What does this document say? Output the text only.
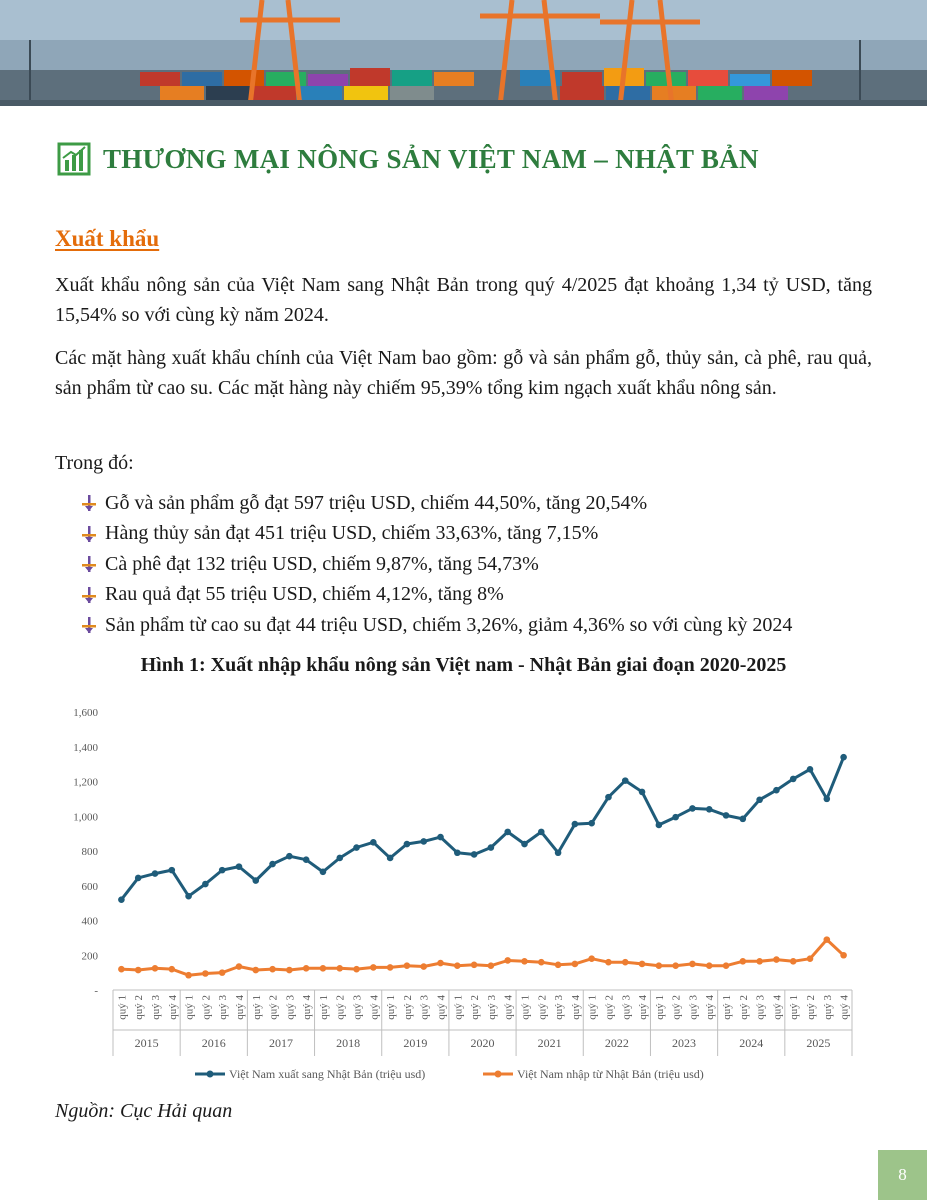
THƯƠNG MẠI NÔNG SẢN VIỆT NAM – NHẬT BẢN
Xuất khẩu

Xuất khẩu nông sản của Việt Nam sang Nhật Bản trong quý 4/2025 đạt khoảng 1,34 tỷ USD, tăng 15,54% so với cùng kỳ năm 2024.

Các mặt hàng xuất khẩu chính của Việt Nam bao gồm: gỗ và sản phẩm gỗ, thủy sản, cà phê, rau quả, sản phẩm từ cao su. Các mặt hàng này chiếm 95,39% tổng kim ngạch xuất khẩu nông sản.

Trong đó:

Gỗ và sản phẩm gỗ đạt 597 triệu USD, chiếm 44,50%, tăng 20,54%
Hàng thủy sản đạt 451 triệu USD, chiếm 33,63%, tăng 7,15%
Cà phê đạt 132 triệu USD, chiếm 9,87%, tăng 54,73%
Rau quả đạt 55 triệu USD, chiếm 4,12%, tăng 8%
Sản phẩm từ cao su đạt 44 triệu USD, chiếm 3,26%, giảm 4,36% so với cùng kỳ 2024
Hình 1: Xuất nhập khẩu nông sản Việt nam - Nhật Bản giai đoạn 2020-2025
-
200
400
600
800
1,000
1,200
1,400
1,600
quý 1 quý 2 quý 3 quý 4 quý 1 quý 2 quý 3 quý 4 quý 1 quý 2 quý 3 quý 4 quý 1 quý 2 quý 3 quý 4 quý 1 quý 2 quý 3 quý 4 quý 1 quý 2 quý 3 quý 4 quý 1 quý 2 quý 3 quý 4 quý 1 quý 2 quý 3 quý 4 quý 1 quý 2 quý 3 quý 4 quý 1 quý 2 quý 3 quý 4 quý 1 quý 2 quý 3 quý 4
2015	2016	2017	2018	2019	2020	2021	2022	2023	2024	2025
Việt Nam xuất sang Nhật Bản (triệu usd)	Việt Nam nhập từ Nhật Bản (triệu usd)
Nguồn: Cục Hải quan
8
